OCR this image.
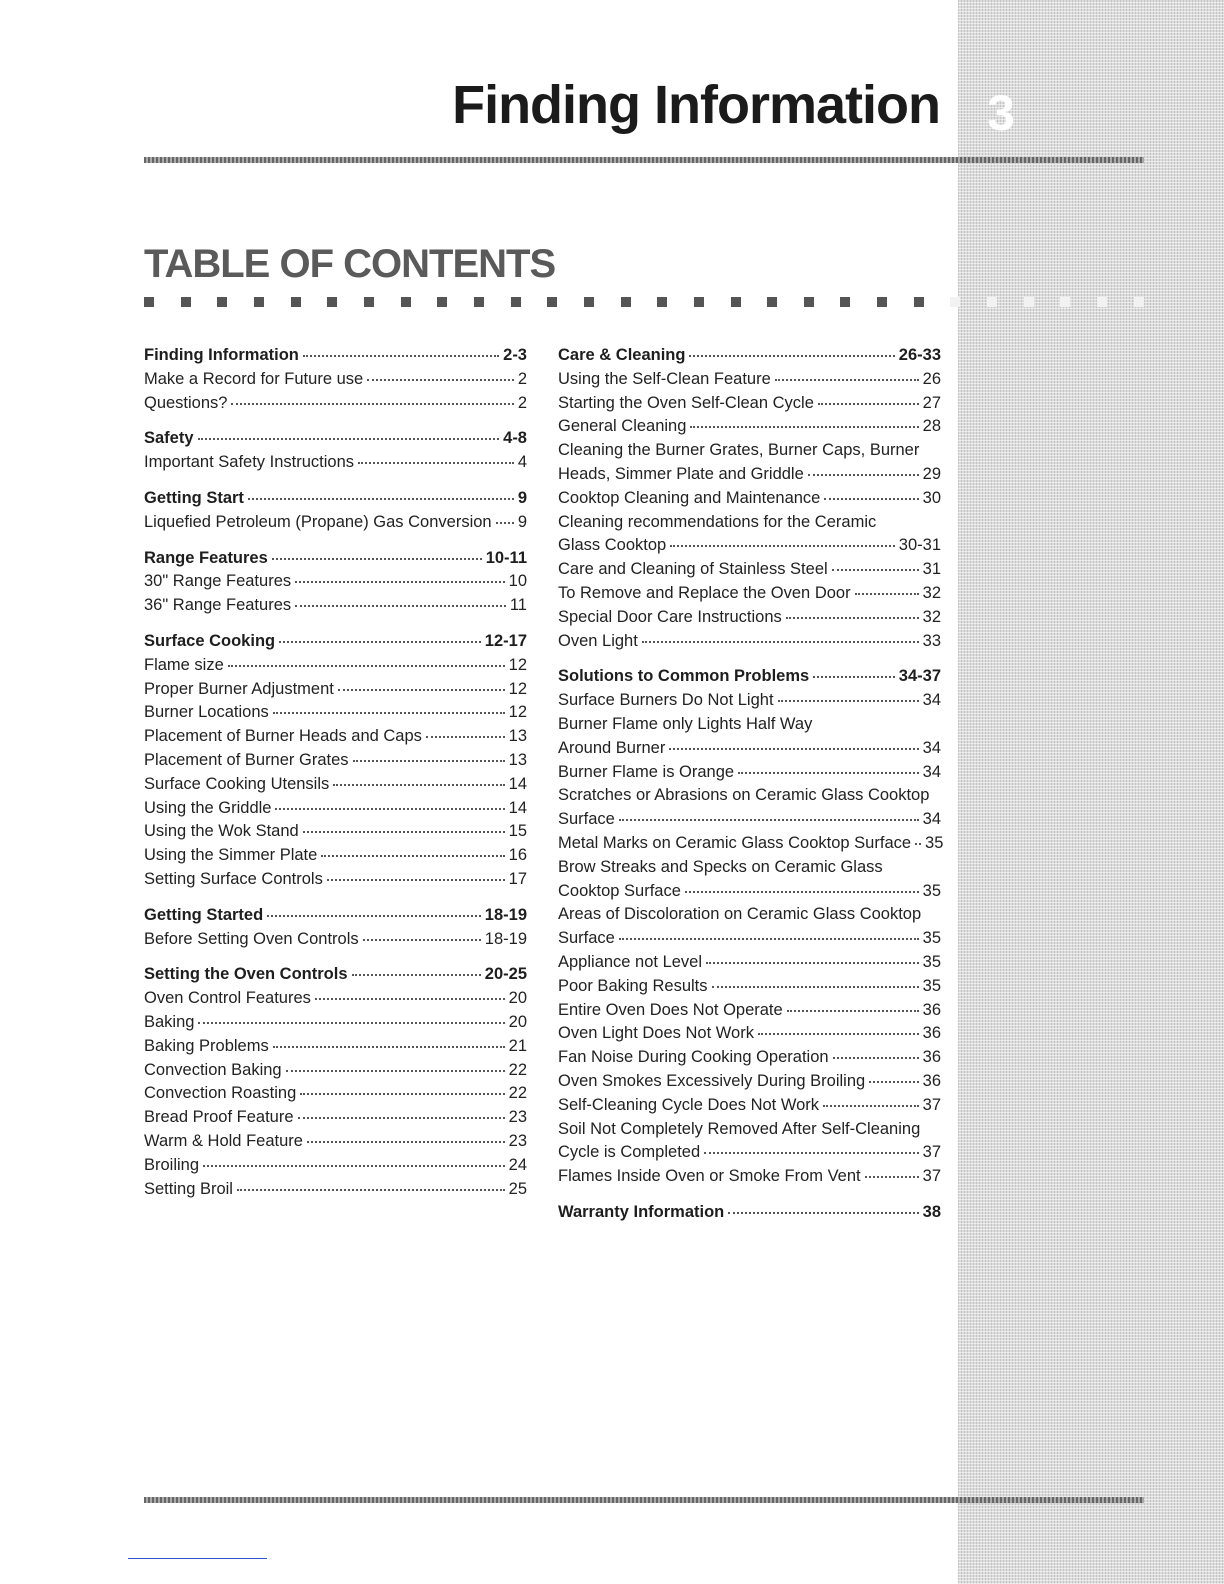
Finding Information 3
TABLE OF CONTENTS
Finding Information	2-3
Make a Record for Future use	2
Questions?	2
Safety	4-8
Important Safety Instructions	4
Getting Start	9
Liquefied Petroleum (Propane) Gas Conversion 9
Range Features	10-11
30" Range Features	10
36" Range Features	11
Surface Cooking	12-17
Flame size	12
Proper Burner Adjustment	12
Burner Locations	12
Placement of Burner Heads and Caps	13
Placement of Burner Grates	13
Surface Cooking Utensils	14
Using the Griddle	14
Using the Wok Stand	15
Using the Simmer Plate	16
Setting Surface Controls	17
Getting Started	18-19
Before Setting Oven Controls	18-19
Setting the Oven Controls	20-25
Oven Control Features	20
Baking	20
Baking Problems	21
Convection Baking	22
Convection Roasting	22
Bread Proof Feature	23
Warm & Hold Feature	23
Broiling	24
Setting Broil	25
Care & Cleaning	26-33
Using the Self-Clean Feature	26
Starting the Oven Self-Clean Cycle	27
General Cleaning	28
Cleaning the Burner Grates, Burner Caps, Burner
Heads, Simmer Plate and Griddle	29
Cooktop Cleaning and Maintenance	30
Cleaning recommendations for the Ceramic
Glass Cooktop	30-31
Care and Cleaning of Stainless Steel	31
To Remove and Replace the Oven Door	32
Special Door Care Instructions	32
Oven Light	33
Solutions to Common Problems	34-37
Surface Burners Do Not Light	34
Burner Flame only Lights Half Way
Around Burner	34
Burner Flame is Orange	34
Scratches or Abrasions on Ceramic Glass Cooktop
Surface	34
Metal Marks on Ceramic Glass Cooktop Surface 35
Brow Streaks and Specks on Ceramic Glass
Cooktop Surface	35
Areas of Discoloration on Ceramic Glass Cooktop
Surface	35
Appliance not Level	35
Poor Baking Results	35
Entire Oven Does Not Operate	36
Oven Light Does Not Work	36
Fan Noise During Cooking Operation	36
Oven Smokes Excessively During Broiling	36
Self-Cleaning Cycle Does Not Work	37
Soil Not Completely Removed After Self-Cleaning
Cycle is Completed	37
Flames Inside Oven or Smoke From Vent	37
Warranty Information	38
